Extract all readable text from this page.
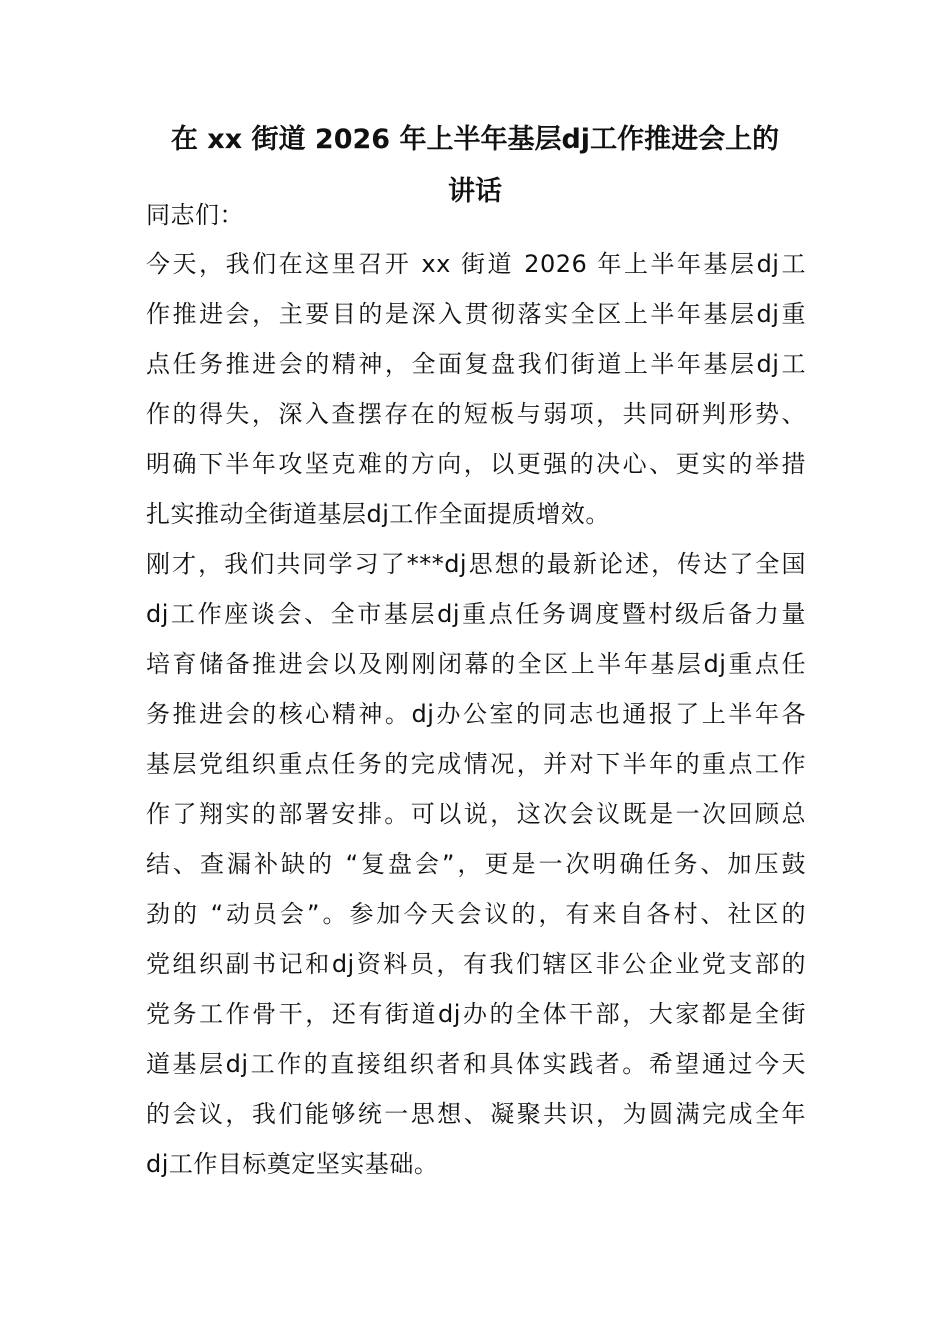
在 xx 街道 2026 年上半年基层dj工作推进会上的
讲话
同志们：
今天，我们在这里召开 xx 街道 2026 年上半年基层dj工
作推进会，主要目的是深入贯彻落实全区上半年基层dj重
点任务推进会的精神，全面复盘我们街道上半年基层dj工
作的得失，深入查摆存在的短板与弱项，共同研判形势、
明确下半年攻坚克难的方向，以更强的决心、更实的举措
扎实推动全街道基层dj工作全面提质增效。
刚才，我们共同学习了***dj思想的最新论述，传达了全国
dj工作座谈会、全市基层dj重点任务调度暨村级后备力量
培育储备推进会以及刚刚闭幕的全区上半年基层dj重点任
务推进会的核心精神。dj办公室的同志也通报了上半年各
基层党组织重点任务的完成情况，并对下半年的重点工作
作了翔实的部署安排。可以说，这次会议既是一次回顾总
结、查漏补缺的 “复盘会”，更是一次明确任务、加压鼓
劲的 “动员会”。参加今天会议的，有来自各村、社区的
党组织副书记和dj资料员，有我们辖区非公企业党支部的
党务工作骨干，还有街道dj办的全体干部，大家都是全街
道基层dj工作的直接组织者和具体实践者。希望通过今天
的会议，我们能够统一思想、凝聚共识，为圆满完成全年
dj工作目标奠定坚实基础。
